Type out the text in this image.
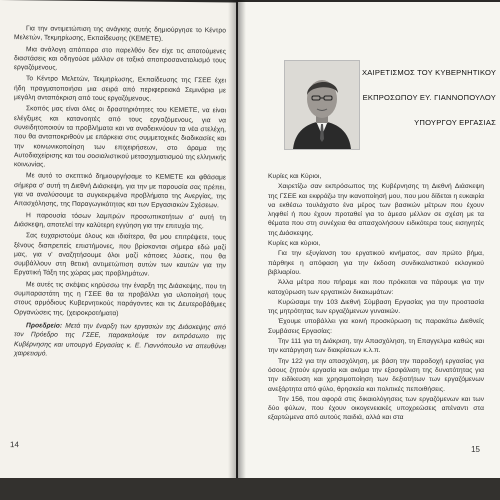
Για την αντιμετώπιση της ανάγκης αυτής δημιούργησε το Κέντρο Μελετών, Τεκμηρίωσης, Εκπαίδευσης (ΚΕΜΕΤΕ).

Μια ανάλογη απόπειρα στο παρελθόν δεν είχε τις αποτούμενες διαστάσεις και οδηγούσε μάλλον σε ταξικό αποπροσανατολισμό τους εργαζόμενους.

Το Κέντρο Μελετών, Τεκμηρίωσης, Εκπαίδευσης της ΓΣΕΕ έχει ήδη πραγματοποιήσει μια σειρά από περιφερειακά Σεμινάρια με μεγάλη ανταπόκριση από τους εργαζόμενους.

Σκοπός μας είναι όλες οι δραστηριότητες του ΚΕΜΕΤΕ, να είναι ελέγξιμες και κατανοητές από τους εργαζόμενους, για να συνειδητοποιούν τα προβλήματα και να αναδεικνύουν τα νέα στελέχη, που θα ανταποκριθούν με επάρκεια στις συμμετοχικές διαδικασίες και την κοινωνικοποίηση των επιχειρήσεων, στο άραμα της Αυτοδιαχείρισης και του σοσιαλιστικού μετασχηματισμού της ελληνικής κοινωνίας.

Με αυτό το σκεπτικό δημιουργήσαμε το ΚΕΜΕΤΕ και φθάσαμε σήμερα σ' αυτή τη Διεθνή Διάσκεψη, για την με παρουσία σας πρέπει, για να αναλύσουμε τα συγκεκριμένα προβλήματα της Ανεργίας, της Απασχόλησης, της Παραγωγικότητας και των Εργασιακών Σχέσεων.

Η παρουσία τόσων λαμπρών προσωπικοτήτων σ' αυτή τη Διάσκεψη, αποτελεί την καλύτερη εγγύηση για την επιτυχία της.

Σας ευχαριστούμε όλους και ιδιαίτερα, θα μου επιτρέψετε, τους ξένους διαπρεπείς επιστήμονες, που βρίσκονται σήμερα εδώ μαζί μας, για ν' αναζητήσουμε όλοι μαζί κάποιες λύσεις, που θα συμβάλλουν στη θετική αντιμετώπιση αυτών των καυτών για την Εργατική Τάξη της χώρας μας προβλημάτων.

Με αυτές τις σκέψεις κηρύσσω την έναρξη της Διάσκεψης, που τη συμπαραστάτη της η ΓΣΕΕ θα τα προβάλλει για υλοποίησή τους στους αρμόδιους Κυβερνητικούς παράγοντες και τις Δευτεροβάθμιες Οργανώσεις της. (χειροκροτήματα)

Προεδρείο: Μετά την έναρξη των εργασιών της Διάσκεψης από τον Πρόεδρο της ΓΣΕΕ, παρακαλούμε τον εκπρόσωπο της Κυβέρνησης και υπουργό Εργασίας κ. Ε. Γιαννόπουλο να απευθύνει χαιρετισμό.

14
ΧΑΙΡΕΤΙΣΜΟΣ ΤΟΥ ΚΥΒΕΡΝΗΤΙΚΟΥ
ΕΚΠΡΟΣΩΠΟΥ ΕΥ. ΓΙΑΝΝΟΠΟΥΛΟΥ
ΥΠΟΥΡΓΟΥ ΕΡΓΑΣΙΑΣ

Κυρίες και Κύριοι,

Χαιρετίζω σαν εκπρόσωπος της Κυβέρνησης τη Διεθνή Διάσκεψη της ΓΣΕΕ και εκφράζω την ικανοποίησή μου, που μου δίδεται η ευκαιρία να εκθέσω τουλάχιστο ένα μέρος των βασικών μέτρων που έχουν ληφθεί ή που έχουν προταθεί για το άμεσο μέλλον σε σχέση με τα θέματα που στη συνέχεια θα απασχολήσουν ειδικότερα τους εισηγητές της Διάσκεψης.

Κυρίες και κύριοι,

Για την εξυγίανση του εργατικού κινήματος, σαν πρώτο βήμα, πάρθηκε η απόφαση για την έκδοση συνδικαλιστικού εκλογικού βιβλιαρίου.

Άλλα μέτρα που πήραμε και που πρόκειται να πάρουμε για την κατοχύρωση των εργατικών δικαιωμάτων:

Κυρώσαμε την 103 Διεθνή Σύμβαση Εργασίας για την προστασία της μητρότητας των εργαζόμενων γυναικών.

Έχουμε υποβάλλει για κοινή προσκύρωση τις παρακάτω Διεθνείς Συμβάσεις Εργασίας:

Την 111 για τη Διάκριση, την Απασχόληση, τη Επαγγελμα καθώς και την κατάργηση των διακρίσεων κ.λ.π.

Την 122 για την απασχόληση, με βάση την παραδοχή εργασίας για όσους ζητούν εργασία και ακόμα την εξασφάλιση της δυνατότητας για την ειδίκευση και χρησιμοποίηση των δεξιοτήτων των εργαζόμενων ανεξάρτητα από φύλο, θρησκεία και πολιτικές πεποιθήσεις.

Την 156, που αφορά στις δικαιολόγησεις των εργαζόμενων και των δύο φύλων, που έχουν οικογενειακές υποχρεώσεις απέναντι στα εξαρτώμενα από αυτούς παιδιά, αλλά και στα

15
